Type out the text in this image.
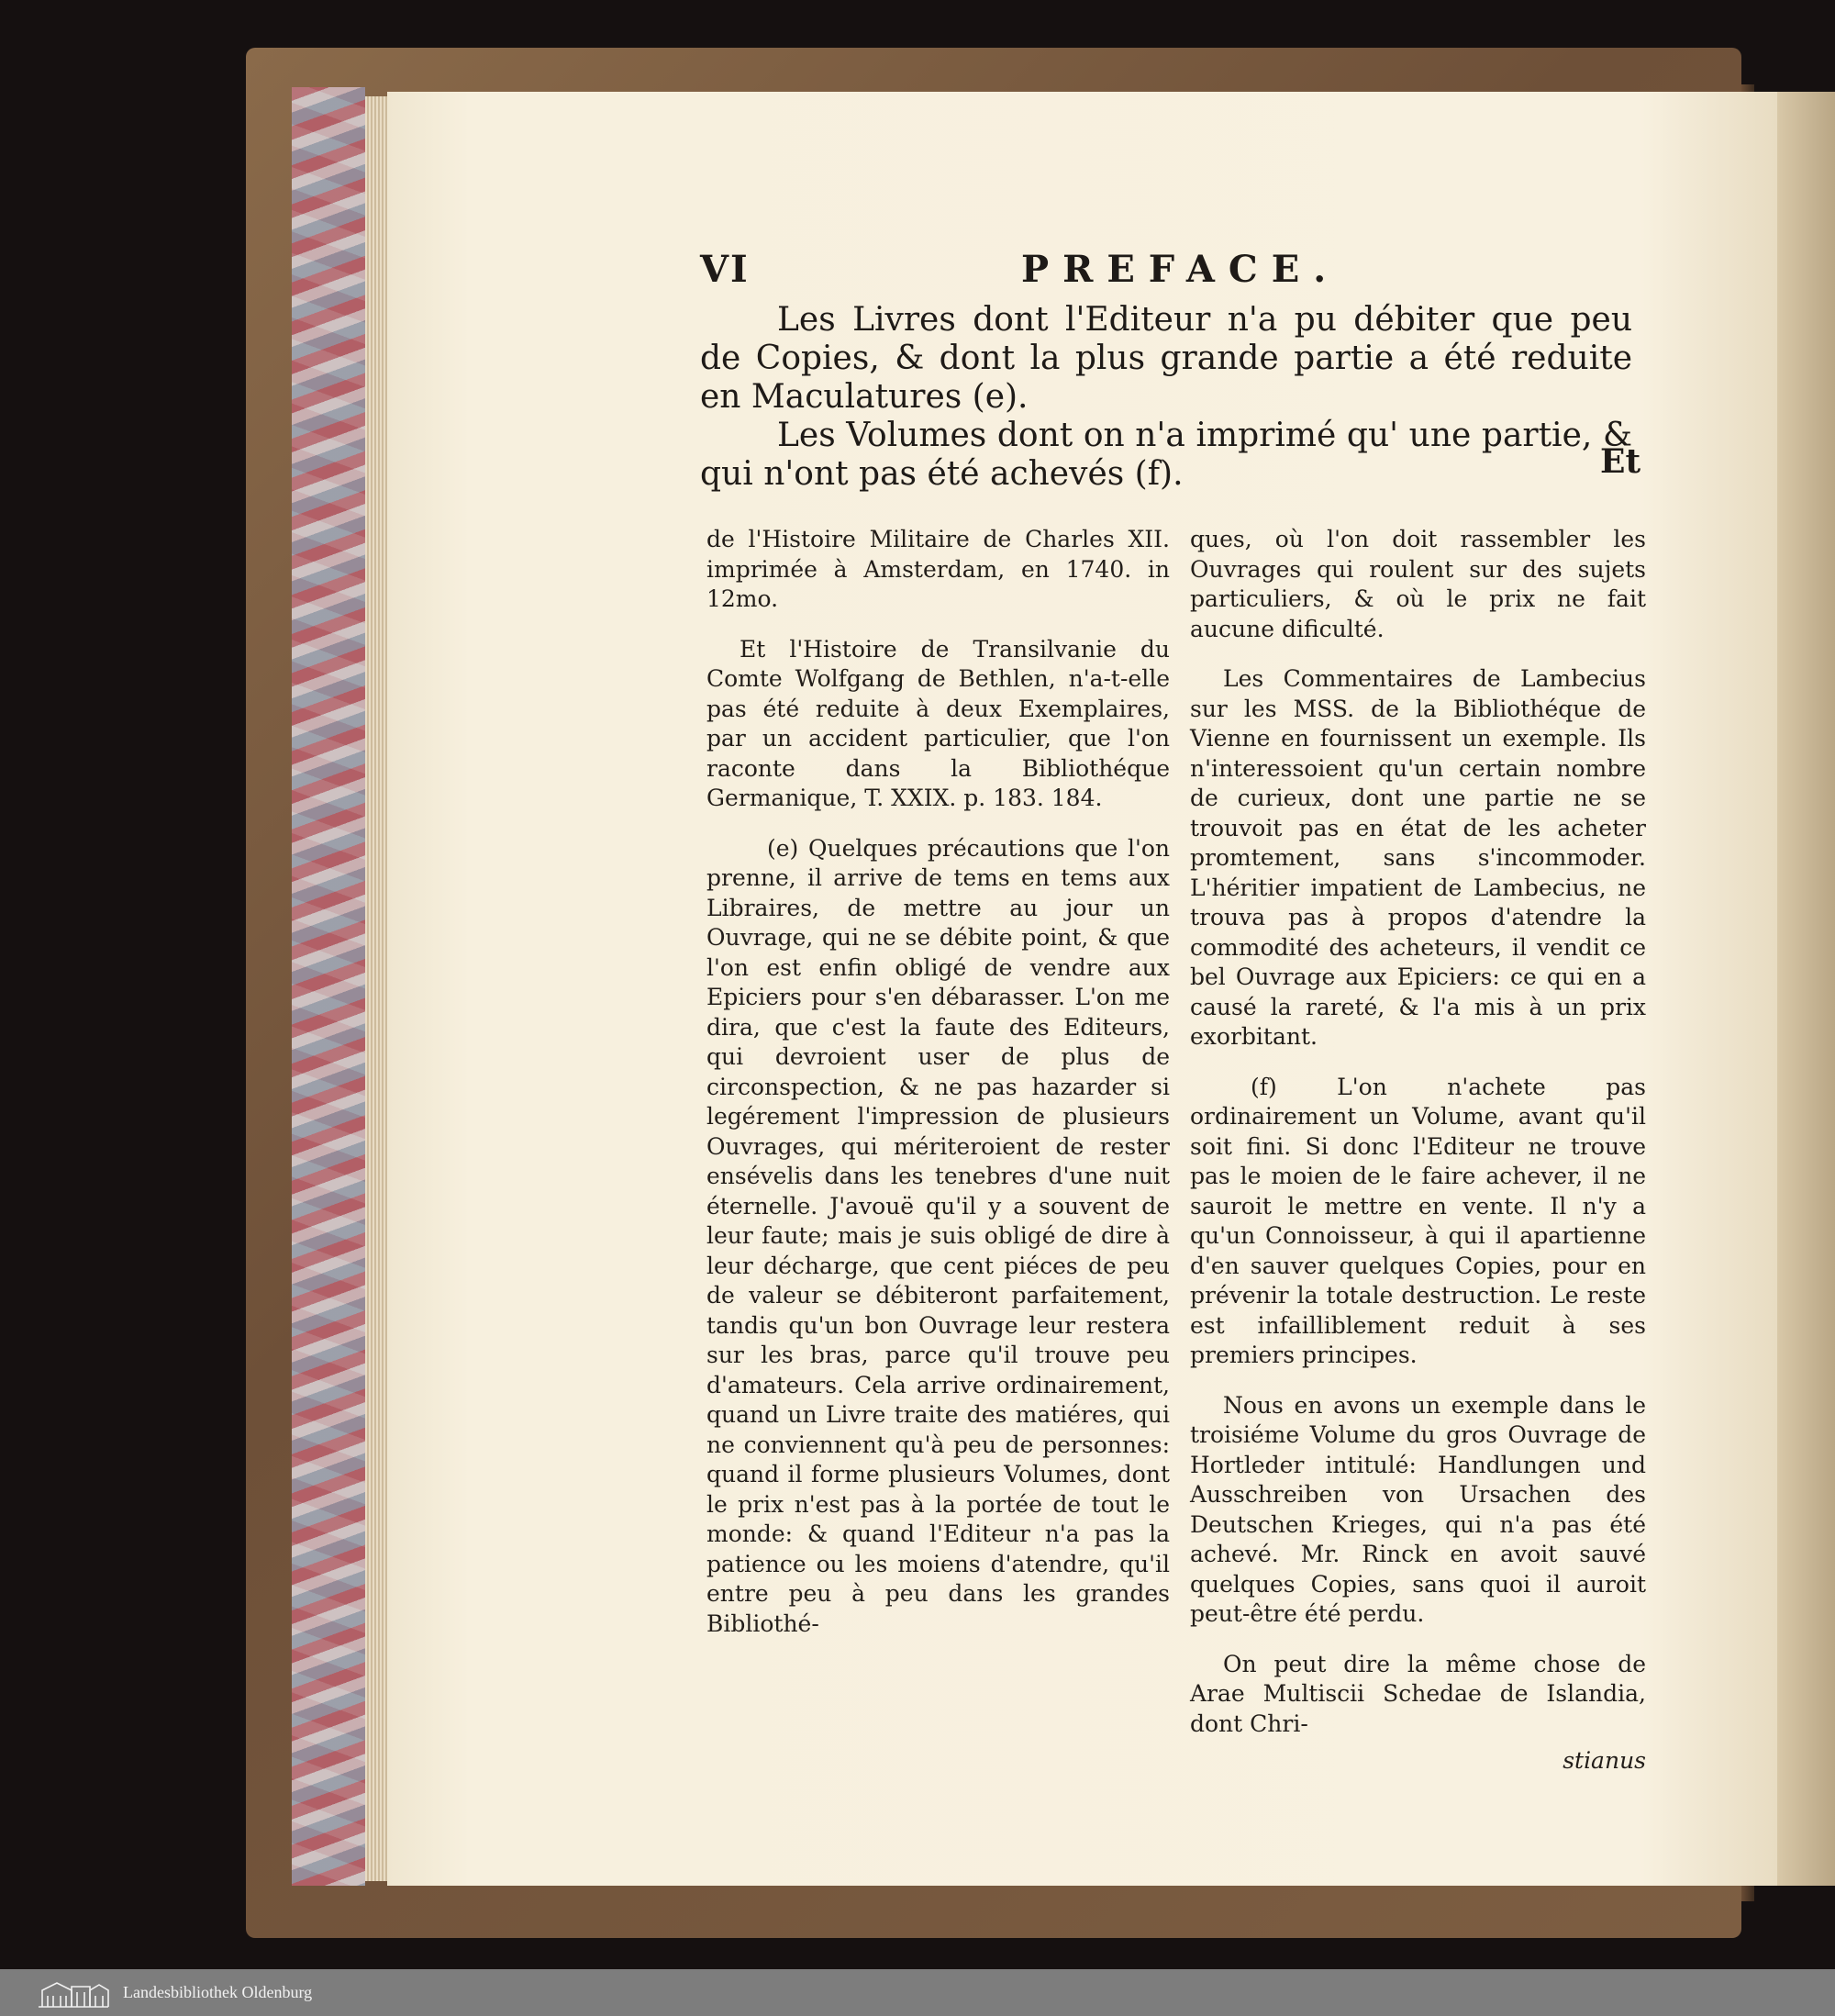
VI	PREFACE.

Les Livres dont l'Editeur n'a pu débiter que peu de Copies, & dont la plus grande partie a été reduite en Maculatures (e).

Les Volumes dont on n'a imprimé qu' une partie, & qui n'ont pas été achevés (f).	Et

de l'Histoire Militaire de Charles XII. imprimée à Amsterdam, en 1740. in 12mo.

Et l'Histoire de Transilvanie du Comte Wolfgang de Bethlen, n'a-t-elle pas été reduite à deux Exemplaires, par un accident particulier, que l'on raconte dans la Bibliothéque Germanique, T. XXIX. p. 183. 184.

(e) Quelques précautions que l'on prenne, il arrive de tems en tems aux Libraires, de mettre au jour un Ouvrage, qui ne se débite point, & que l'on est enfin obligé de vendre aux Epiciers pour s'en débarasser. L'on me dira, que c'est la faute des Editeurs, qui devroient user de plus de circonspection, & ne pas hazarder si legérement l'impression de plusieurs Ouvrages, qui mériteroient de rester ensévelis dans les tenebres d'une nuit éternelle. J'avouë qu'il y a souvent de leur faute; mais je suis obligé de dire à leur décharge, que cent piéces de peu de valeur se débiteront parfaitement, tandis qu'un bon Ouvrage leur restera sur les bras, parce qu'il trouve peu d'amateurs. Cela arrive ordinairement, quand un Livre traite des matiéres, qui ne conviennent qu'à peu de personnes: quand il forme plusieurs Volumes, dont le prix n'est pas à la portée de tout le monde: & quand l'Editeur n'a pas la patience ou les moiens d'atendre, qu'il entre peu à peu dans les grandes Bibliothé-

ques, où l'on doit rassembler les Ouvrages qui roulent sur des sujets particuliers, & où le prix ne fait aucune dificulté.

Les Commentaires de Lambecius sur les MSS. de la Bibliothéque de Vienne en fournissent un exemple. Ils n'interessoient qu'un certain nombre de curieux, dont une partie ne se trouvoit pas en état de les acheter promtement, sans s'incommoder. L'héritier impatient de Lambecius, ne trouva pas à propos d'atendre la commodité des acheteurs, il vendit ce bel Ouvrage aux Epiciers: ce qui en a causé la rareté, & l'a mis à un prix exorbitant.

(f) L'on n'achete pas ordinairement un Volume, avant qu'il soit fini. Si donc l'Editeur ne trouve pas le moien de le faire achever, il ne sauroit le mettre en vente. Il n'y a qu'un Connoisseur, à qui il apartienne d'en sauver quelques Copies, pour en prévenir la totale destruction. Le reste est infailliblement reduit à ses premiers principes.

Nous en avons un exemple dans le troisiéme Volume du gros Ouvrage de Hortleder intitulé: Handlungen und Ausschreiben von Ursachen des Deutschen Krieges, qui n'a pas été achevé. Mr. Rinck en avoit sauvé quelques Copies, sans quoi il auroit peut-être été perdu.

On peut dire la même chose de Arae Multiscii Schedae de Islandia, dont Chri-

stianus
Landesbibliothek Oldenburg
